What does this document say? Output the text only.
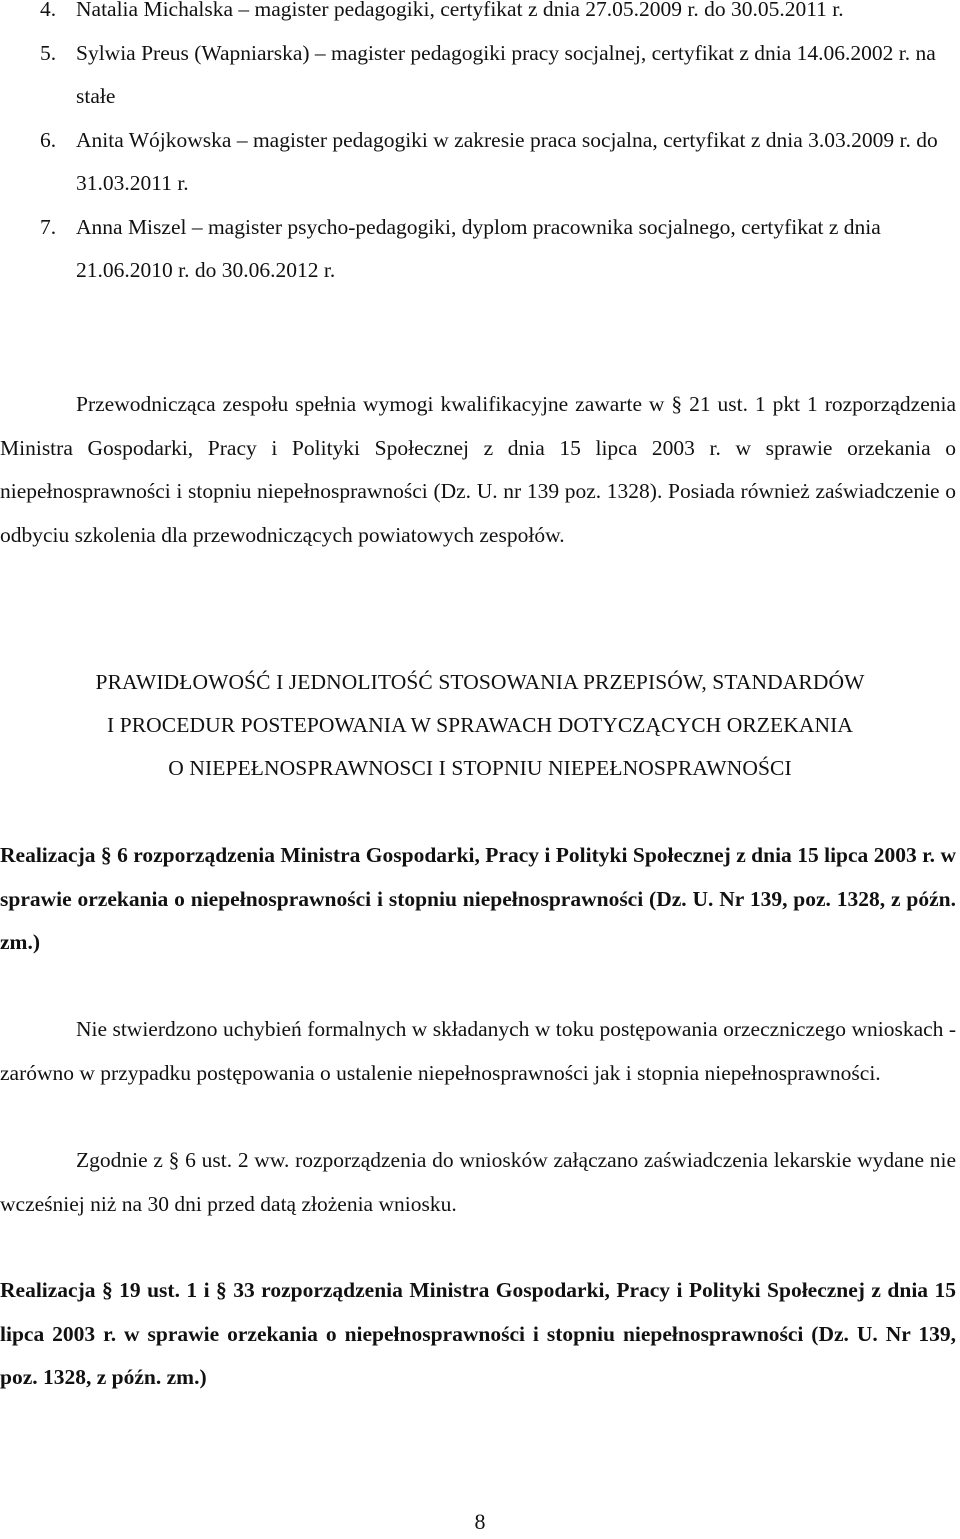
4. Natalia Michalska – magister pedagogiki, certyfikat z dnia 27.05.2009 r. do 30.05.2011 r.
5. Sylwia Preus (Wapniarska) – magister pedagogiki pracy socjalnej, certyfikat z dnia 14.06.2002 r. na stałe
6. Anita Wójkowska – magister pedagogiki w zakresie praca socjalna, certyfikat z dnia 3.03.2009 r. do 31.03.2011 r.
7. Anna Miszel – magister psycho-pedagogiki, dyplom pracownika socjalnego, certyfikat z dnia 21.06.2010 r. do 30.06.2012 r.

Przewodnicząca zespołu spełnia wymogi kwalifikacyjne zawarte w § 21 ust. 1 pkt 1 rozporządzenia Ministra Gospodarki, Pracy i Polityki Społecznej z dnia 15 lipca 2003 r. w sprawie orzekania o niepełnosprawności i stopniu niepełnosprawności (Dz. U. nr 139 poz. 1328). Posiada również zaświadczenie o odbyciu szkolenia dla przewodniczących powiatowych zespołów.

PRAWIDŁOWOŚĆ I JEDNOLITOŚĆ STOSOWANIA PRZEPISÓW, STANDARDÓW
I PROCEDUR POSTEPOWANIA W SPRAWACH DOTYCZĄCYCH ORZEKANIA
O NIEPEŁNOSPRAWNOSCI I STOPNIU NIEPEŁNOSPRAWNOŚCI

Realizacja § 6 rozporządzenia Ministra Gospodarki, Pracy i Polityki Społecznej z dnia 15 lipca 2003 r. w sprawie orzekania o niepełnosprawności i stopniu niepełnosprawności (Dz. U. Nr 139, poz. 1328, z późn. zm.)

Nie stwierdzono uchybień formalnych w składanych w toku postępowania orzeczniczego wnioskach - zarówno w przypadku postępowania o ustalenie niepełnosprawności jak i stopnia niepełnosprawności.

Zgodnie z § 6 ust. 2 ww. rozporządzenia do wniosków załączano zaświadczenia lekarskie wydane nie wcześniej niż na 30 dni przed datą złożenia wniosku.

Realizacja § 19 ust. 1 i § 33 rozporządzenia Ministra Gospodarki, Pracy i Polityki Społecznej z dnia 15 lipca 2003 r. w sprawie orzekania o niepełnosprawności i stopniu niepełnosprawności (Dz. U. Nr 139, poz. 1328, z późn. zm.)

8
